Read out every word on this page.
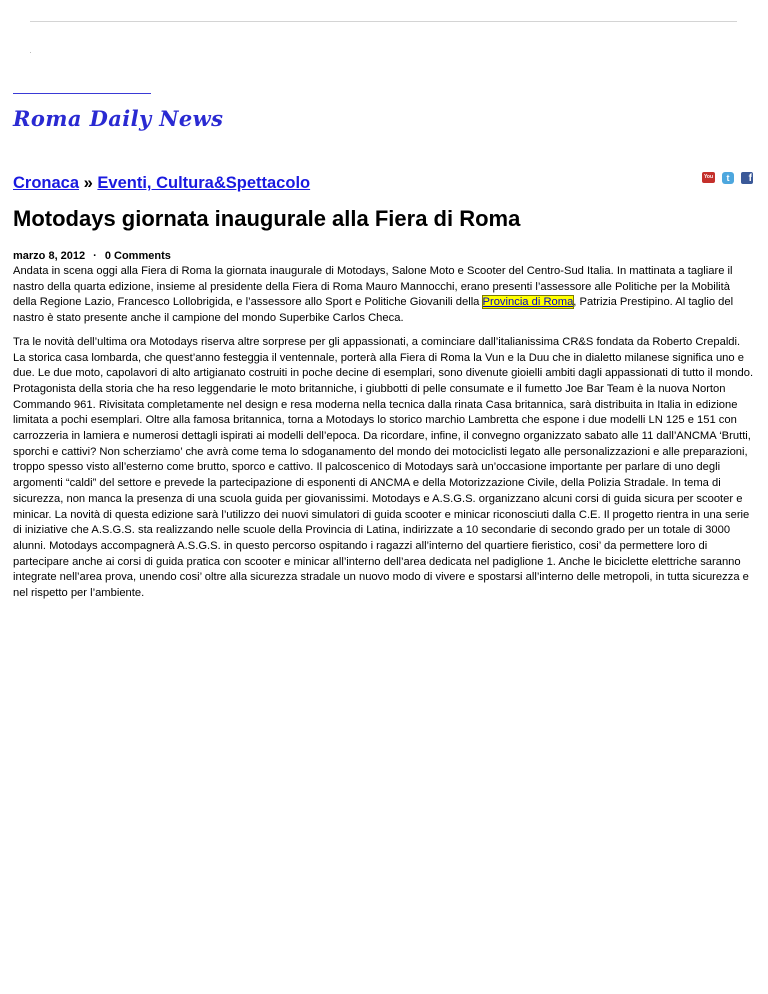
Roma Daily News
Cronaca » Eventi, Cultura&Spettacolo	You Tube
t	f
Motodays giornata inaugurale alla Fiera di Roma
marzo 8, 2012 · 0 Comments

Andata in scena oggi alla Fiera di Roma la giornata inaugurale di Motodays, Salone Moto e Scooter del Centro-Sud Italia. In mattinata a tagliare il nastro della quarta edizione, insieme al presidente della Fiera di Roma Mauro Mannocchi, erano presenti l’assessore alle Politiche per la Mobilità della Regione Lazio, Francesco Lollobrigida, e l’assessore allo Sport e Politiche Giovanili della Provincia di Roma, Patrizia Prestipino. Al taglio del nastro è stato presente anche il campione del mondo Superbike Carlos Checa.

Tra le novità dell’ultima ora Motodays riserva altre sorprese per gli appassionati, a cominciare dall’italianissima CR&S fondata da Roberto Crepaldi. La storica casa lombarda, che quest’anno festeggia il ventennale, porterà alla Fiera di Roma la Vun e la Duu che in dialetto milanese significa uno e due. Le due moto, capolavori di alto artigianato costruiti in poche decine di esemplari, sono divenute gioielli ambiti dagli appassionati di tutto il mondo. Protagonista della storia che ha reso leggendarie le moto britanniche, i giubbotti di pelle consumate e il fumetto Joe Bar Team è la nuova Norton Commando 961. Rivisitata completamente nel design e resa moderna nella tecnica dalla rinata Casa britannica, sarà distribuita in Italia in edizione limitata a pochi esemplari. Oltre alla famosa britannica, torna a Motodays lo storico marchio Lambretta che espone i due modelli LN 125 e 151 con carrozzeria in lamiera e numerosi dettagli ispirati ai modelli dell’epoca. Da ricordare, infine, il convegno organizzato sabato alle 11 dall’ANCMA ‘Brutti, sporchi e cattivi? Non scherziamo’ che avrà come tema lo sdoganamento del mondo dei motociclisti legato alle personalizzazioni e alle preparazioni, troppo spesso visto all’esterno come brutto, sporco e cattivo. Il palcoscenico di Motodays sarà un’occasione importante per parlare di uno degli argomenti “caldi” del settore e prevede la partecipazione di esponenti di ANCMA e della Motorizzazione Civile, della Polizia Stradale. In tema di sicurezza, non manca la presenza di una scuola guida per giovanissimi. Motodays e A.S.G.S. organizzano alcuni corsi di guida sicura per scooter e minicar. La novità di questa edizione sarà l’utilizzo dei nuovi simulatori di guida scooter e minicar riconosciuti dalla C.E. Il progetto rientra in una serie di iniziative che A.S.G.S. sta realizzando nelle scuole della Provincia di Latina, indirizzate a 10 secondarie di secondo grado per un totale di 3000 alunni. Motodays accompagnerà A.S.G.S. in questo percorso ospitando i ragazzi all’interno del quartiere fieristico, cosi’ da permettere loro di partecipare anche ai corsi di guida pratica con scooter e minicar all’interno dell’area dedicata nel padiglione 1. Anche le biciclette elettriche saranno integrate nell’area prova, unendo cosi’ oltre alla sicurezza stradale un nuovo modo di vivere e spostarsi all’interno delle metropoli, in tutta sicurezza e nel rispetto per l’ambiente.
